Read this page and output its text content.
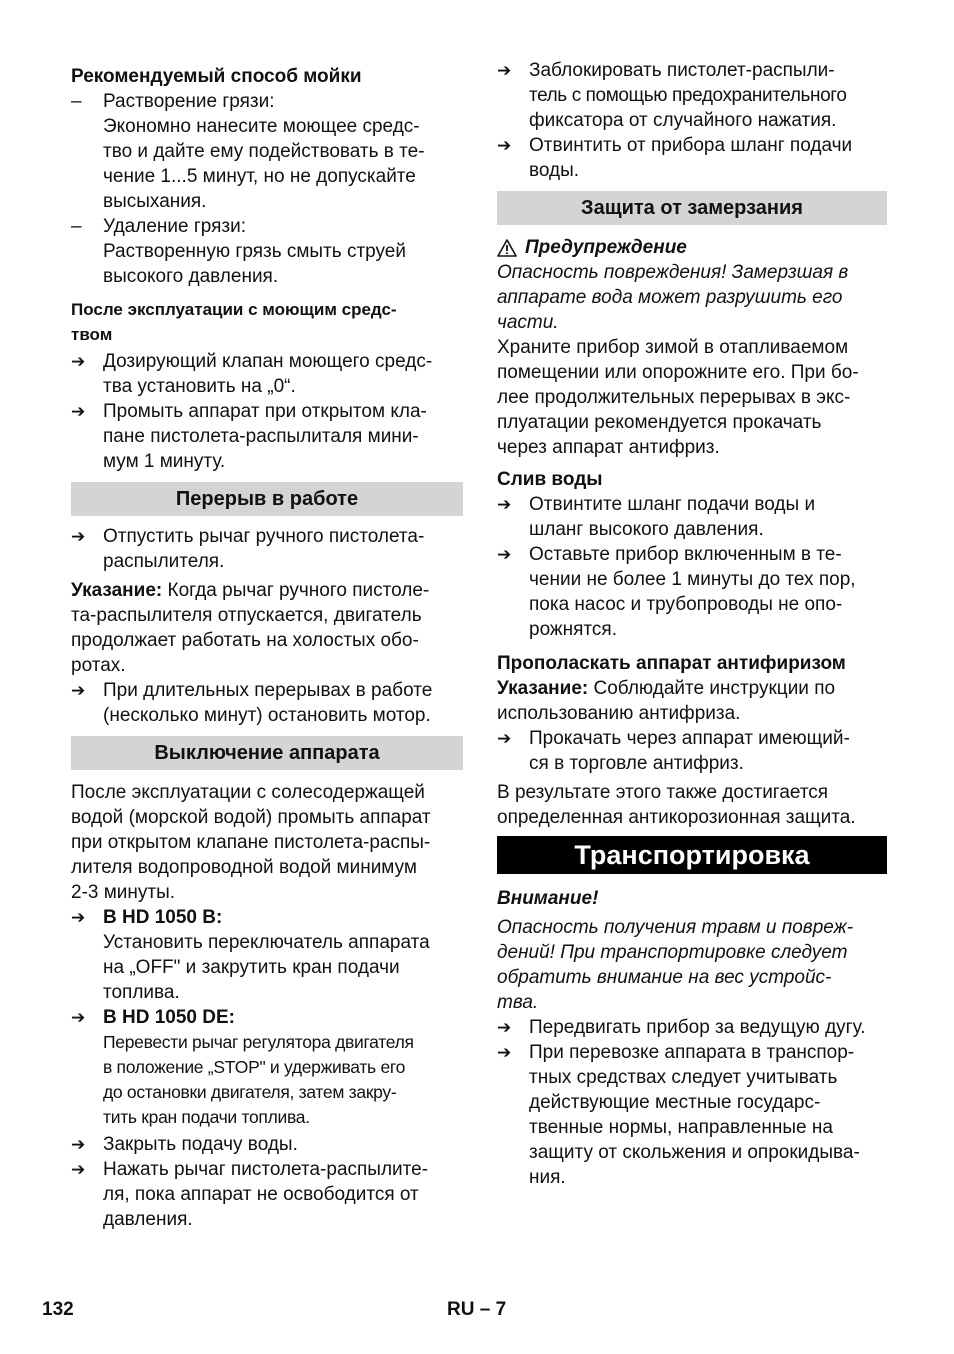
Рекомендуемый способ мойки

–	Растворение грязи:

Экономно нанесите моющее средс-

тво и дайте ему подействовать в те-

чение 1...5 минут, но не допускайте

высыхания.

–	Удаление грязи:

Растворенную грязь смыть струей

высокого давления.

После эксплуатации с моющим средс-

твом

➔ Дозирующий клапан моющего средс-

тва установить на „0“.

➔ Промыть аппарат при открытом кла-

пане пистолета-распылиталя мини-

мум 1 минуту.

Перерыв в работе
➔ Отпустить рычаг ручного пистолета-

распылителя.

Указание: Когда рычаг ручного пистоле-

та-распылителя отпускается, двигатель

продолжает работать на холостых обо-

ротах.

➔ При длительных перерывах в работе

(несколько минут) остановить мотор.

Выключение аппарата

После эксплуатации с солесодержащей

водой (морской водой) промыть аппарат

при открытом клапане пистолета-распы-

лителя водопроводной водой минимум

2-3 минуты.

➔ В HD 1050 B:

Установить переключатель аппарата

на „OFF" и закрутить кран подачи

топлива.

➔ В HD 1050 DE:

Перевести рычаг регулятора двигателя

в положение „STOP" и удерживать его

до остановки двигателя, затем закру-

тить кран подачи топлива.

➔ Закрыть подачу воды.

➔ Нажать рычаг пистолета-распылите-

ля, пока аппарат не освободится от

давления.

➔ Заблокировать пистолет-распыли-

тель с помощью предохранительного

фиксатора от случайного нажатия.

➔ Отвинтить от прибора шланг подачи

воды.

Защита от замерзания
Предупреждение

Опасность повреждения! Замерзшая в

аппарате вода может разрушить его

части.

Храните прибор зимой в отапливаемом

помещении или опорожните его. При бо-

лее продолжительных перерывах в экс-

плуатации рекомендуется прокачать

через аппарат антифриз.

Слив воды

➔ Отвинтите шланг подачи воды и

шланг высокого давления.

➔ Оставьте прибор включенным в те-

чении не более 1 минуты до тех пор,

пока насос и трубопроводы не опо-

рожнятся.

Прополаскать аппарат антифиризом

Указание: Соблюдайте инструкции по

использованию антифриза.

➔ Прокачать через аппарат имеющий-

ся в торговле антифриз.

В результате этого также достигается

определенная антикорозионная защита.

Транспортировка

Внимание!

Опасность получения травм и повреж-

дений! При транспортировке следует

обратить внимание на вес устройс-

тва.

➔ Передвигать прибор за ведущую дугу.

➔ При перевозке аппарата в транспор-

тных средствах следует учитывать

действующие местные государс-

твенные нормы, направленные на

защиту от скольжения и опрокидыва-

ния.

132	RU – 7
